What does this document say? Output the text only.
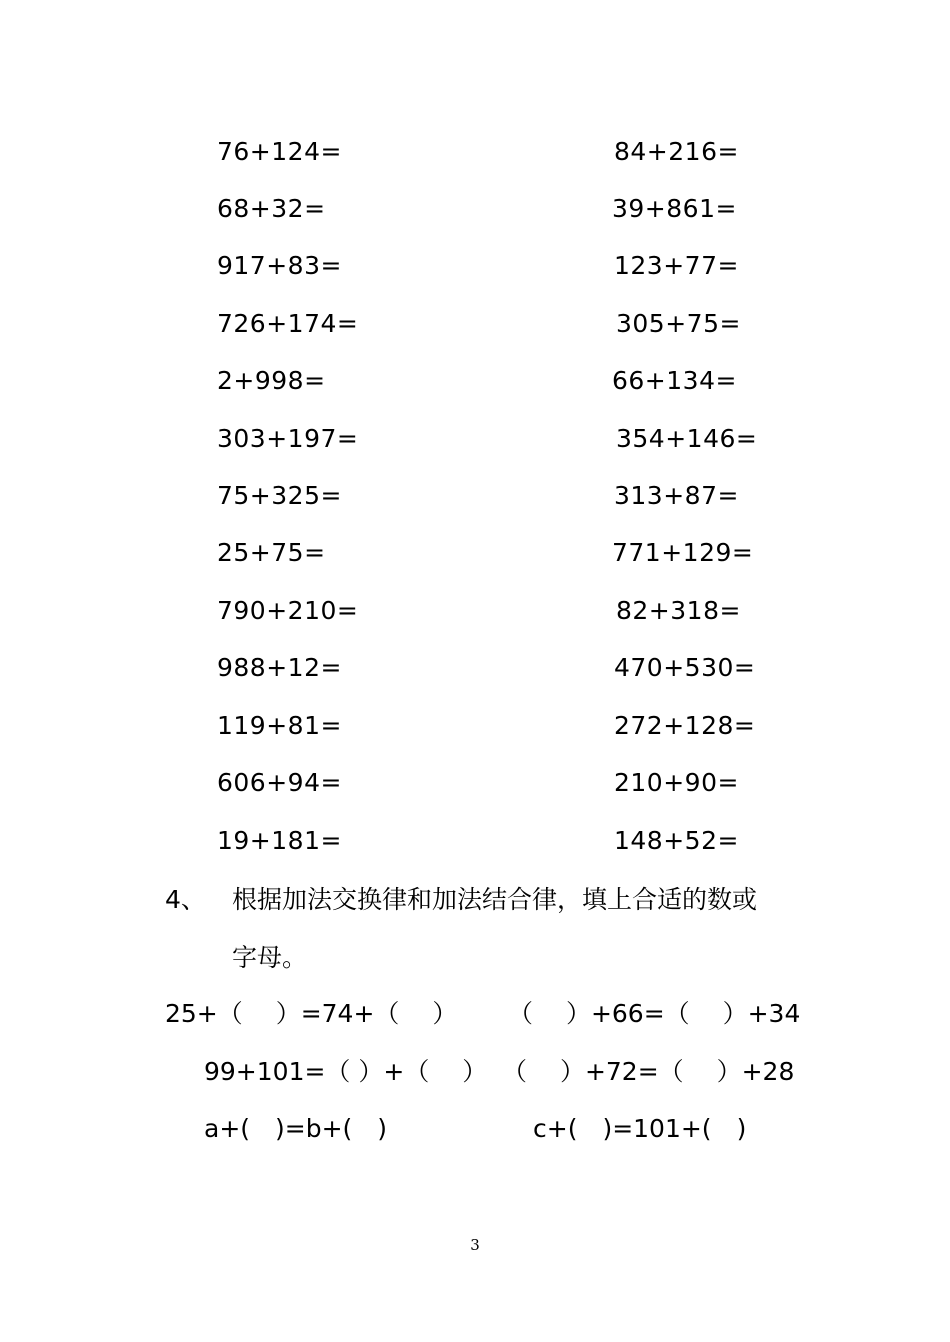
76+124=
68+32=
917+83=
726+174=
2+998=
303+197=
75+325=
25+75=
790+210=
988+12=
119+81=
606+94=
19+181=
84+216=
39+861=
123+77=
305+75=
66+134=
354+146=
313+87=
771+129=
82+318=
470+530=
272+128=
210+90=
148+52=
4、 根据加法交换律和加法结合律，填上合适的数或
字母。
25+（　 ）=74+（　 ） （　 ）+66=（　 ）+34
99+101=（ ）+（　 ） （　 ）+72=（　 ）+28
a+(　)=b+(　)	c+(　)=101+(　)
3
